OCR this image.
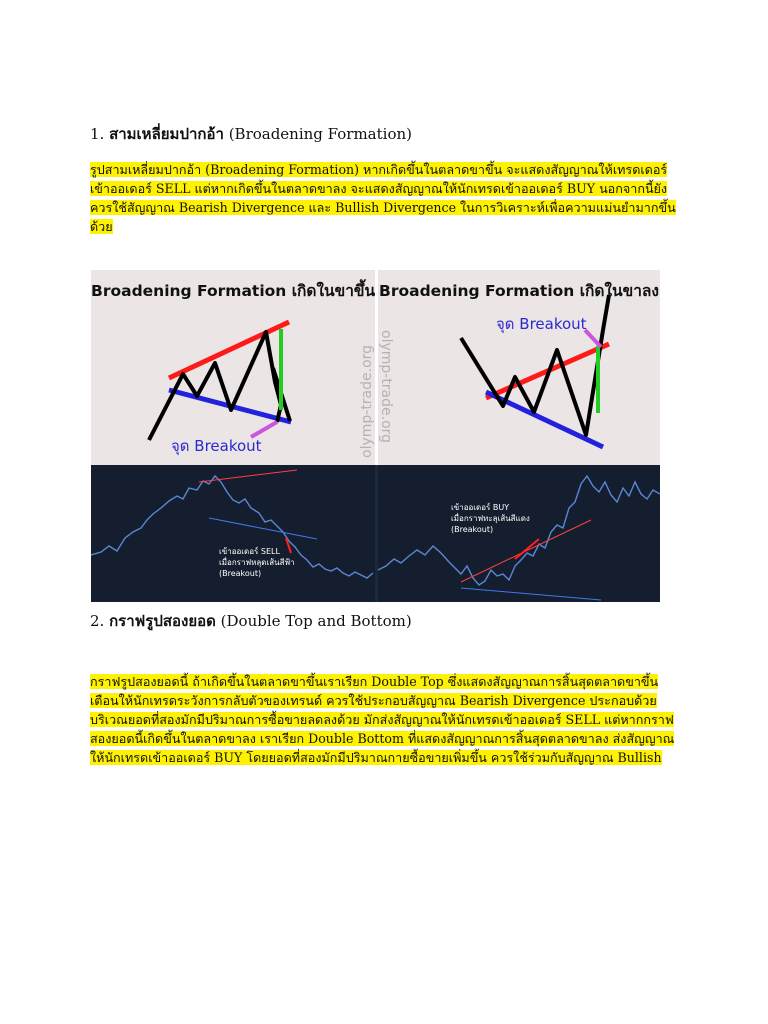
1. สามเหลี่ยมปากอ้า (Broadening Formation)

รูปสามเหลี่ยมปากอ้า (Broadening Formation) หากเกิดขึ้นในตลาดขาขึ้น จะแสดงสัญญาณให้เทรดเดอร์เข้าออเดอร์ SELL แต่หากเกิดขึ้นในตลาดขาลง จะแสดงสัญญาณให้นักเทรดเข้าออเดอร์ BUY นอกจากนี้ยังควรใช้สัญญาณ Bearish Divergence และ Bullish Divergence ในการวิเคราะห์เพื่อความแม่นยำมากขึ้นด้วย

Broadening Formation เกิดในขาขึ้น Broadening Formation เกิดในขาลง
จุด Breakout
จุด Breakout
olymp-trade.org olymp-trade.org
เข้าออเดอร์ SELL
เมื่อกราฟหลุดเส้นสีฟ้า
(Breakout)
เข้าออเดอร์ BUY
เมื่อกราฟทะลุเส้นสีแดง
(Breakout)
2. กราฟรูปสองยอด (Double Top and Bottom)

กราฟรูปสองยอดนี้ ถ้าเกิดขึ้นในตลาดขาขึ้นเราเรียก Double Top ซึ่งแสดงสัญญาณการสิ้นสุดตลาดขาขึ้น เตือนให้นักเทรดระวังการกลับตัวของเทรนด์ ควรใช้ประกอบสัญญาณ Bearish Divergence ประกอบด้วย บริเวณยอดที่สองมักมีปริมาณการซื้อขายลดลงด้วย มักส่งสัญญาณให้นักเทรดเข้าออเดอร์ SELL แต่หากกราฟสองยอดนี้เกิดขึ้นในตลาดขาลง เราเรียก Double Bottom ที่แสดงสัญญาณการสิ้นสุดตลาดขาลง ส่งสัญญาณให้นักเทรดเข้าออเดอร์ BUY โดยยอดที่สองมักมีปริมาณกายซื้อขายเพิ่มขึ้น ควรใช้ร่วมกับสัญญาณ Bullish
